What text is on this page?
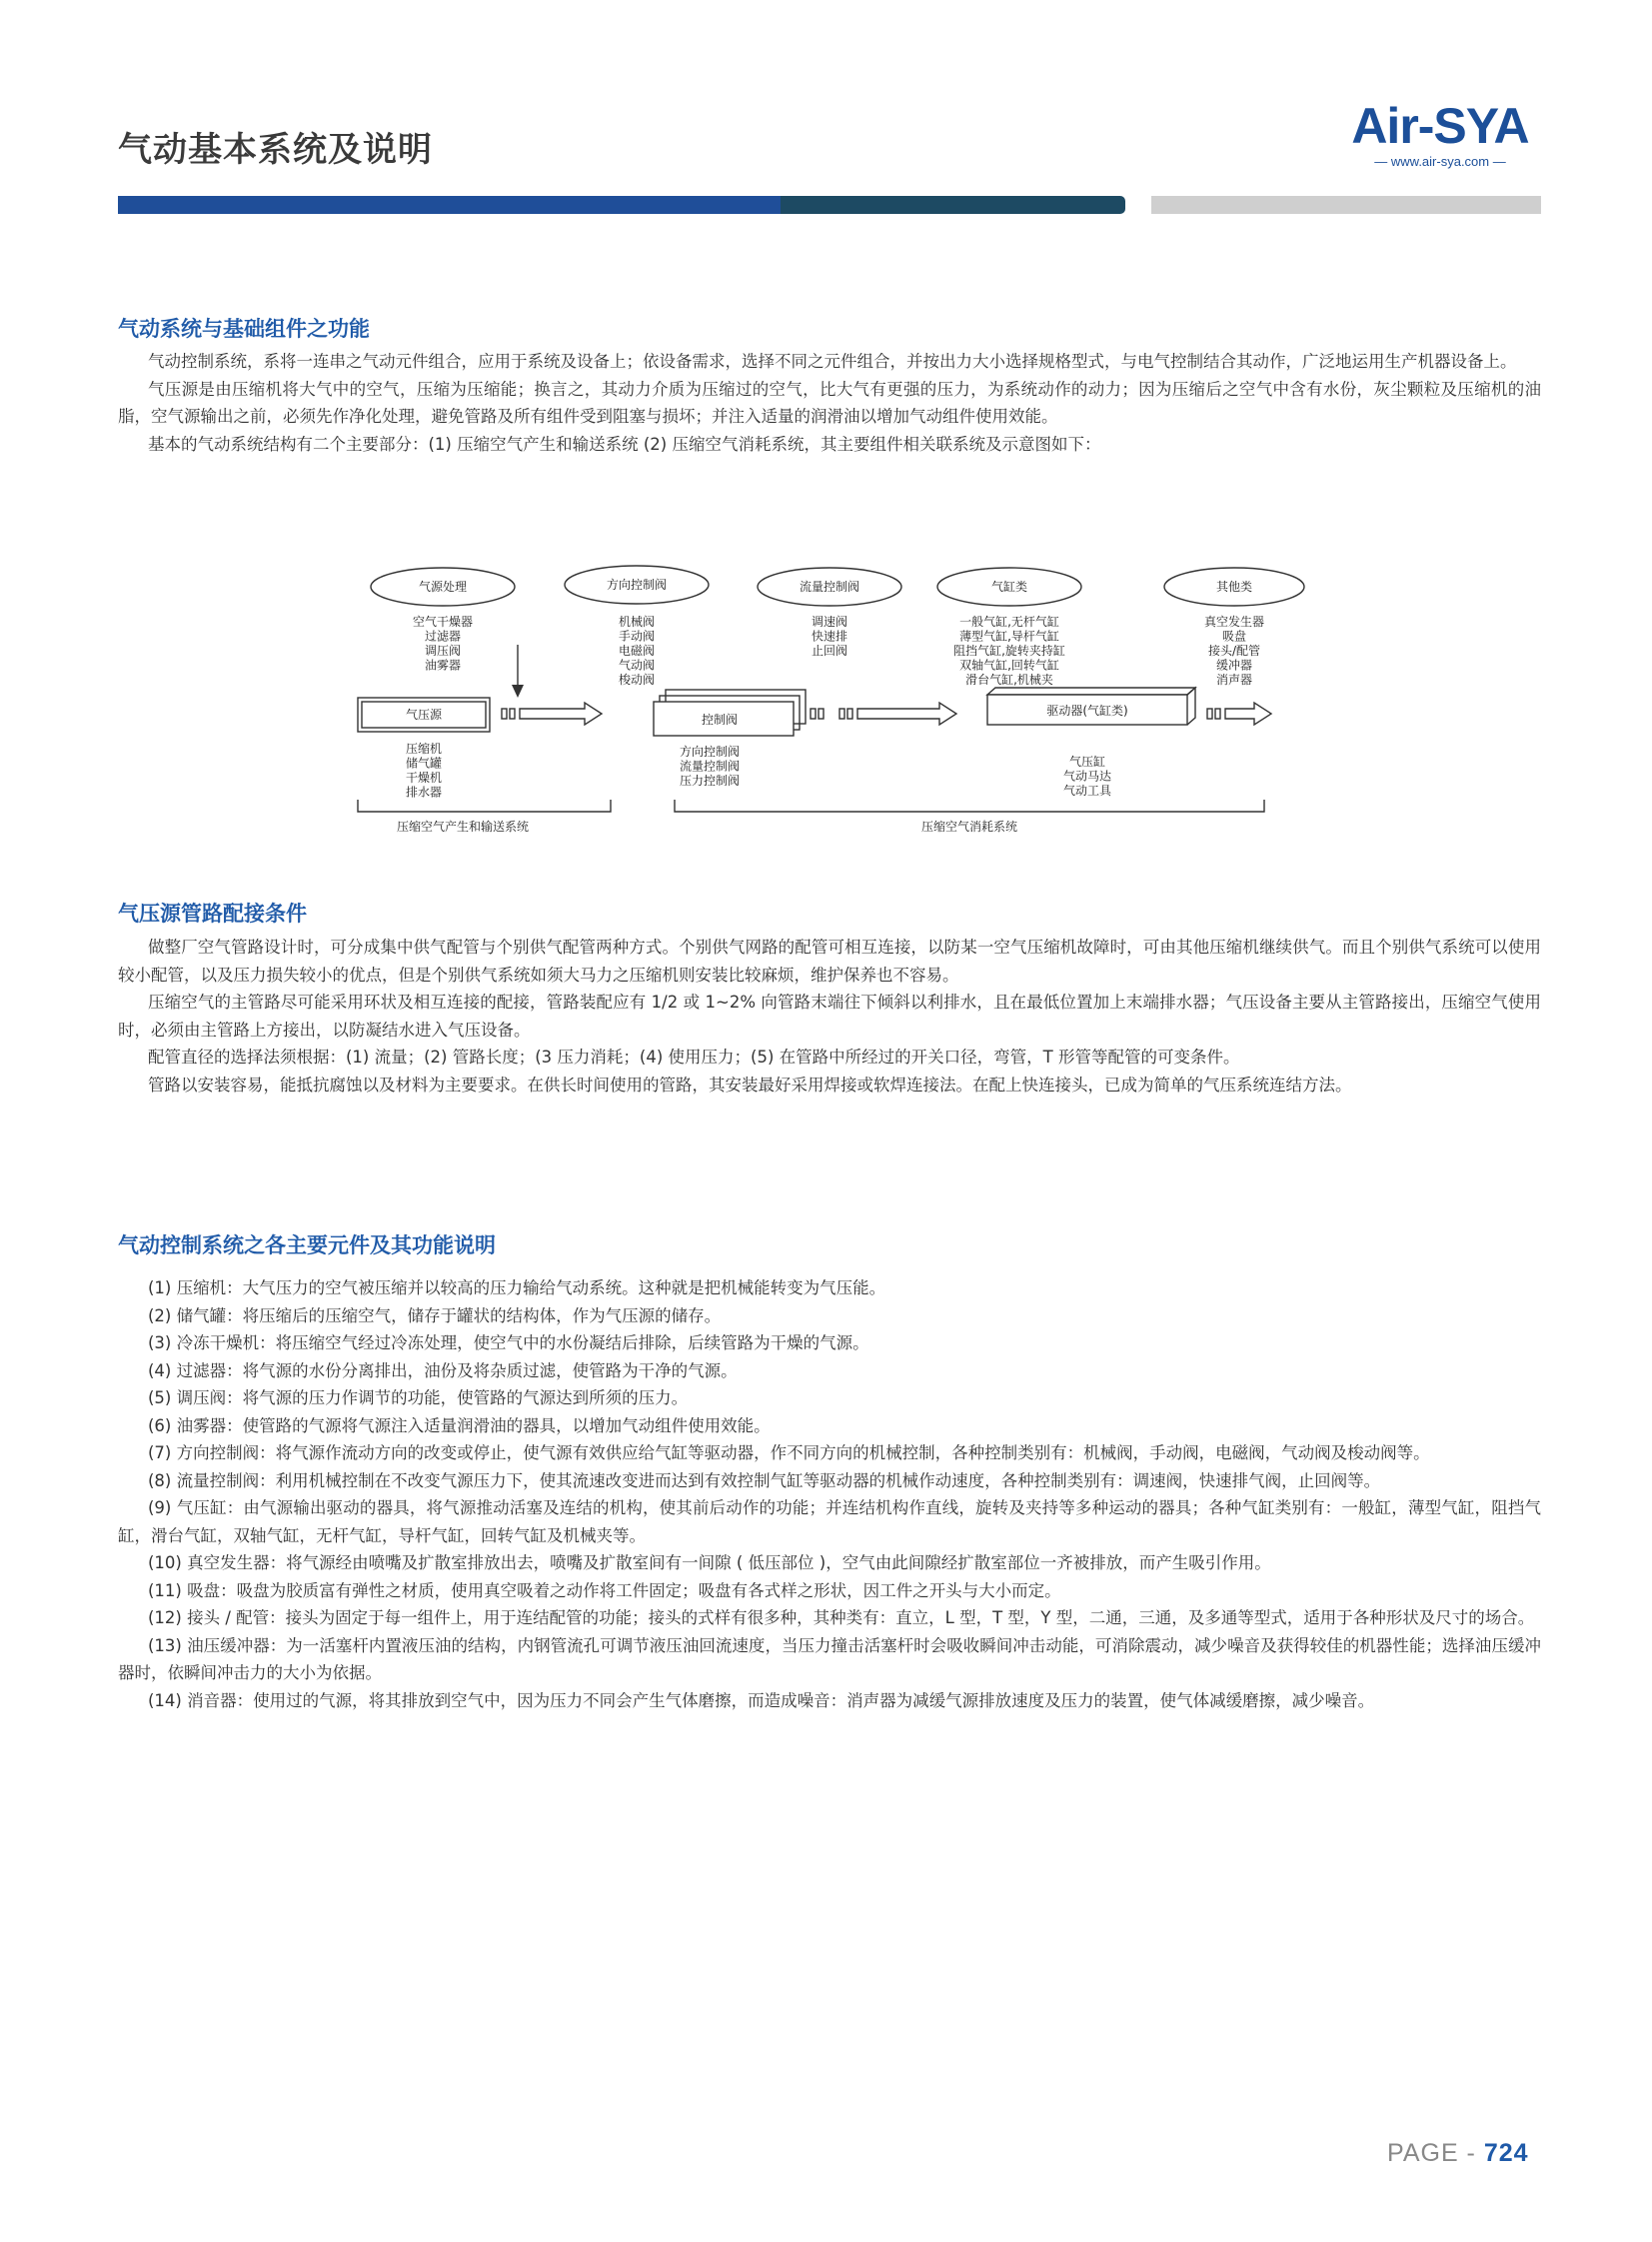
气动基本系统及说明	Air-SYA
— www.air-sya.com —
气动系统与基础组件之功能

气动控制系统，系将一连串之气动元件组合，应用于系统及设备上；依设备需求，选择不同之元件组合，并按出力大小选择规格型式，与电气控制结合其动作，广泛地运用生产机器设备上。

气压源是由压缩机将大气中的空气，压缩为压缩能；换言之，其动力介质为压缩过的空气，比大气有更强的压力，为系统动作的动力；因为压缩后之空气中含有水份，灰尘颗粒及压缩机的油脂，空气源输出之前，必须先作净化处理，避免管路及所有组件受到阻塞与损坏；并注入适量的润滑油以增加气动组件使用效能。

基本的气动系统结构有二个主要部分：(1) 压缩空气产生和输送系统 (2) 压缩空气消耗系统，其主要组件相关联系统及示意图如下：

气源处理	方向控制阀	流量控制阀	气缸类	其他类
空气干燥器
过滤器
调压阀
油雾器
机械阀
手动阀
电磁阀
气动阀
梭动阀
调速阀
快速排
止回阀
一般气缸,无杆气缸
薄型气缸,导杆气缸
阻挡气缸,旋转夹持缸
双轴气缸,回转气缸
滑台气缸,机械夹
真空发生器
吸盘
接头/配管
缓冲器
消声器
气压源	控制阀
驱动器(气缸类)
压缩机
储气罐
干燥机
排水器
方向控制阀
流量控制阀
压力控制阀
气压缸
气动马达
气动工具
压缩空气产生和输送系统	压缩空气消耗系统
气压源管路配接条件

做整厂空气管路设计时，可分成集中供气配管与个别供气配管两种方式。个别供气网路的配管可相互连接，以防某一空气压缩机故障时，可由其他压缩机继续供气。而且个别供气系统可以使用较小配管，以及压力损失较小的优点，但是个别供气系统如须大马力之压缩机则安装比较麻烦，维护保养也不容易。

压缩空气的主管路尽可能采用环状及相互连接的配接，管路装配应有 1/2 或 1~2% 向管路末端往下倾斜以利排水，且在最低位置加上末端排水器；气压设备主要从主管路接出，压缩空气使用时，必须由主管路上方接出，以防凝结水进入气压设备。

配管直径的选择法须根据：(1) 流量；(2) 管路长度；(3 压力消耗；(4) 使用压力；(5) 在管路中所经过的开关口径，弯管，T 形管等配管的可变条件。

管路以安装容易，能抵抗腐蚀以及材料为主要要求。在供长时间使用的管路，其安装最好采用焊接或软焊连接法。在配上快连接头，已成为简单的气压系统连结方法。

气动控制系统之各主要元件及其功能说明

(1) 压缩机：大气压力的空气被压缩并以较高的压力输给气动系统。这种就是把机械能转变为气压能。

(2) 储气罐：将压缩后的压缩空气，储存于罐状的结构体，作为气压源的储存。

(3) 冷冻干燥机：将压缩空气经过冷冻处理，使空气中的水份凝结后排除，后续管路为干燥的气源。

(4) 过滤器：将气源的水份分离排出，油份及将杂质过滤，使管路为干净的气源。

(5) 调压阀：将气源的压力作调节的功能，使管路的气源达到所须的压力。

(6) 油雾器：使管路的气源将气源注入适量润滑油的器具，以增加气动组件使用效能。

(7) 方向控制阀：将气源作流动方向的改变或停止，使气源有效供应给气缸等驱动器，作不同方向的机械控制，各种控制类别有：机械阀，手动阀，电磁阀，气动阀及梭动阀等。

(8) 流量控制阀：利用机械控制在不改变气源压力下，使其流速改变进而达到有效控制气缸等驱动器的机械作动速度，各种控制类别有：调速阀，快速排气阀，止回阀等。

(9) 气压缸：由气源输出驱动的器具，将气源推动活塞及连结的机构，使其前后动作的功能；并连结机构作直线，旋转及夹持等多种运动的器具；各种气缸类别有：一般缸，薄型气缸，阻挡气缸，滑台气缸，双轴气缸，无杆气缸，导杆气缸，回转气缸及机械夹等。

(10) 真空发生器：将气源经由喷嘴及扩散室排放出去，喷嘴及扩散室间有一间隙 ( 低压部位 )，空气由此间隙经扩散室部位一齐被排放，而产生吸引作用。

(11) 吸盘：吸盘为胶质富有弹性之材质，使用真空吸着之动作将工件固定；吸盘有各式样之形状，因工件之开头与大小而定。

(12) 接头 / 配管：接头为固定于每一组件上，用于连结配管的功能；接头的式样有很多种，其种类有：直立，L 型，T 型，Y 型，二通，三通，及多通等型式，适用于各种形状及尺寸的场合。

(13) 油压缓冲器：为一活塞杆内置液压油的结构，内钢管流孔可调节液压油回流速度，当压力撞击活塞杆时会吸收瞬间冲击动能，可消除震动，减少噪音及获得较佳的机器性能；选择油压缓冲器时，依瞬间冲击力的大小为依据。

(14) 消音器：使用过的气源，将其排放到空气中，因为压力不同会产生气体磨擦，而造成噪音：消声器为减缓气源排放速度及压力的装置，使气体减缓磨擦，减少噪音。

PAGE - 724
